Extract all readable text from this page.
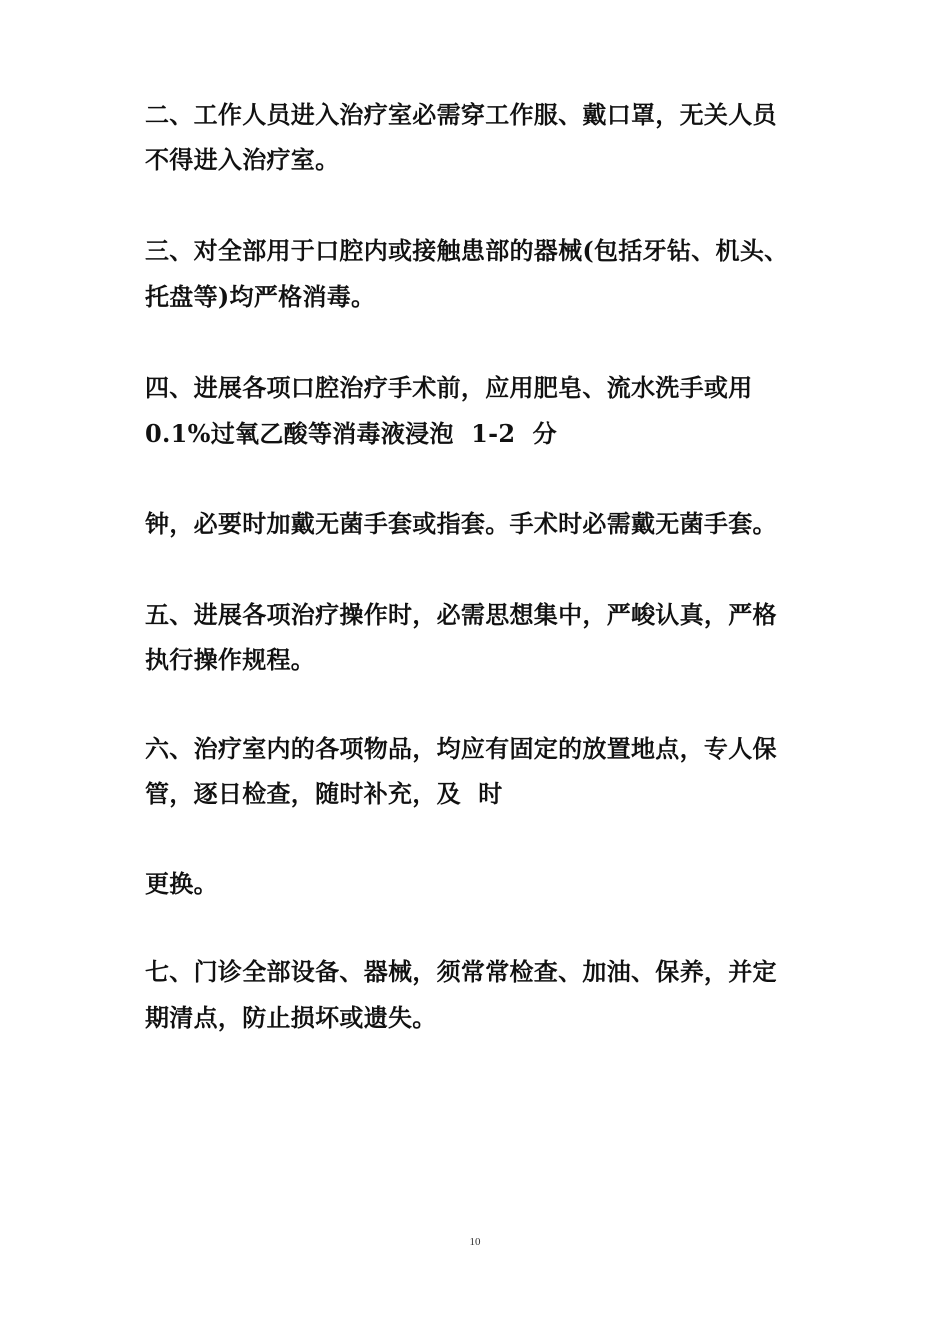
二、工作人员进入治疗室必需穿工作服、戴口罩，无关人员
不得进入治疗室。
三、对全部用于口腔内或接触患部的器械(包括牙钻、机头、
托盘等)均严格消毒。
四、进展各项口腔治疗手术前，应用肥皂、流水洗手或用
0.1%过氧乙酸等消毒液浸泡  1-2  分
钟，必要时加戴无菌手套或指套。手术时必需戴无菌手套。
五、进展各项治疗操作时，必需思想集中，严峻认真，严格
执行操作规程。
六、治疗室内的各项物品，均应有固定的放置地点，专人保
管，逐日检查，随时补充，及  时
更换。
七、门诊全部设备、器械，须常常检查、加油、保养，并定
期清点，防止损坏或遗失。
10
